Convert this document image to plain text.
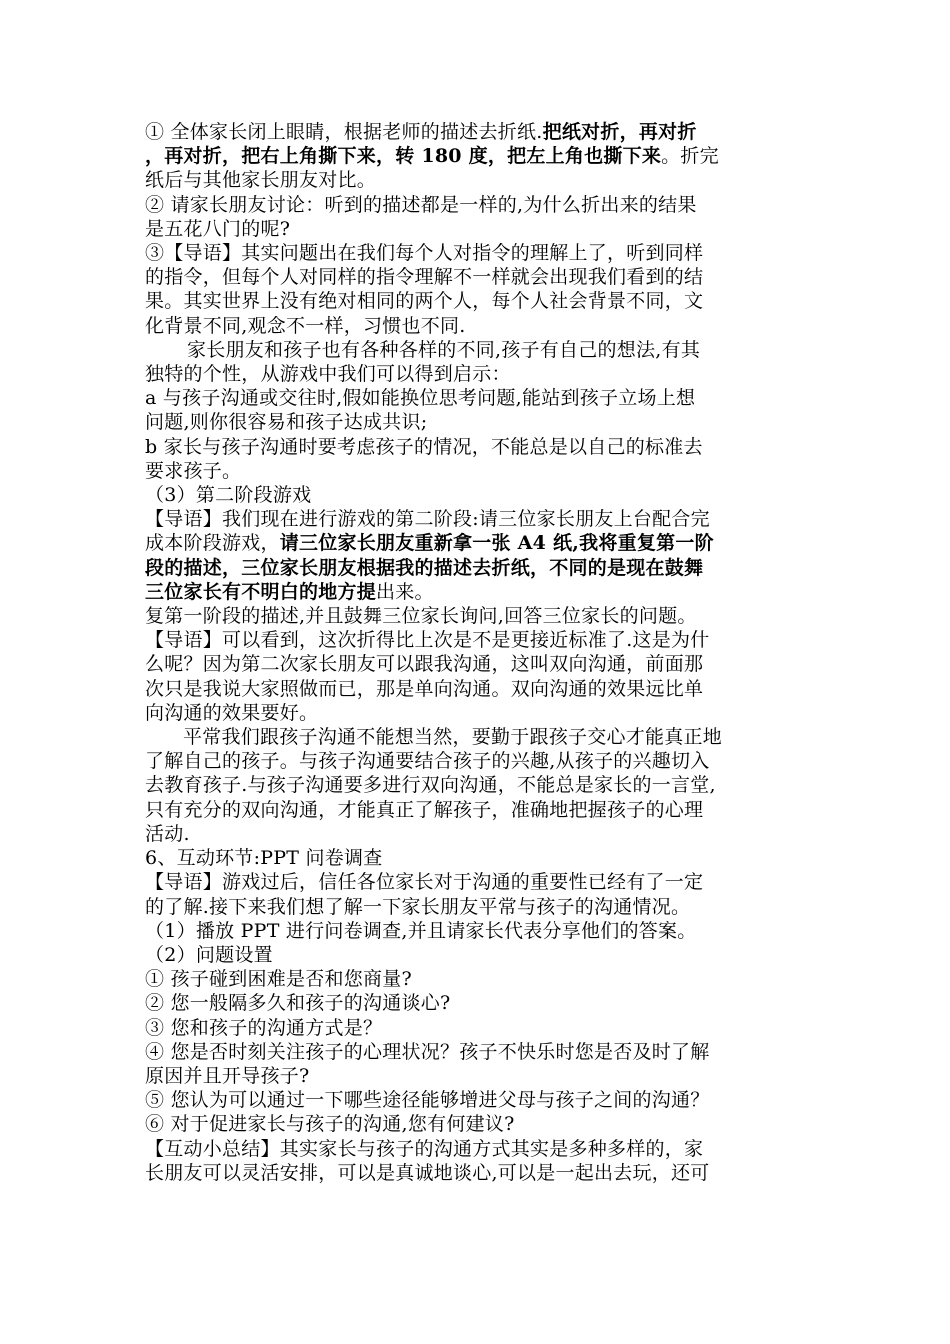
① 全体家长闭上眼睛，根据老师的描述去折纸.把纸对折，再对折
，再对折，把右上角撕下来，转 180 度，把左上角也撕下来。折完
纸后与其他家长朋友对比。
② 请家长朋友讨论：听到的描述都是一样的,为什么折出来的结果
是五花八门的呢?
③【导语】其实问题出在我们每个人对指令的理解上了，听到同样
的指令，但每个人对同样的指令理解不一样就会出现我们看到的结
果。其实世界上没有绝对相同的两个人，每个人社会背景不同，文
化背景不同,观念不一样，习惯也不同.
家长朋友和孩子也有各种各样的不同,孩子有自己的想法,有其
独特的个性，从游戏中我们可以得到启示：
a 与孩子沟通或交往时,假如能换位思考问题,能站到孩子立场上想
问题,则你很容易和孩子达成共识;
b 家长与孩子沟通时要考虑孩子的情况，不能总是以自己的标准去
要求孩子。
（3）第二阶段游戏
【导语】我们现在进行游戏的第二阶段:请三位家长朋友上台配合完
成本阶段游戏，请三位家长朋友重新拿一张 A4 纸,我将重复第一阶
段的描述，三位家长朋友根据我的描述去折纸，不同的是现在鼓舞
三位家长有不明白的地方提出来。
复第一阶段的描述,并且鼓舞三位家长询问,回答三位家长的问题。
【导语】可以看到，这次折得比上次是不是更接近标准了.这是为什
么呢？因为第二次家长朋友可以跟我沟通，这叫双向沟通，前面那
次只是我说大家照做而已，那是单向沟通。双向沟通的效果远比单
向沟通的效果要好。
平常我们跟孩子沟通不能想当然，要勤于跟孩子交心才能真正地
了解自己的孩子。与孩子沟通要结合孩子的兴趣,从孩子的兴趣切入
去教育孩子.与孩子沟通要多进行双向沟通，不能总是家长的一言堂,
只有充分的双向沟通，才能真正了解孩子，准确地把握孩子的心理
活动.
6、互动环节:PPT 问卷调查
【导语】游戏过后，信任各位家长对于沟通的重要性已经有了一定
的了解.接下来我们想了解一下家长朋友平常与孩子的沟通情况。
（1）播放 PPT 进行问卷调查,并且请家长代表分享他们的答案。
（2）问题设置
① 孩子碰到困难是否和您商量?
② 您一般隔多久和孩子的沟通谈心?
③ 您和孩子的沟通方式是？
④ 您是否时刻关注孩子的心理状况？孩子不快乐时您是否及时了解
原因并且开导孩子?
⑤ 您认为可以通过一下哪些途径能够增进父母与孩子之间的沟通？
⑥ 对于促进家长与孩子的沟通,您有何建议?
【互动小总结】其实家长与孩子的沟通方式其实是多种多样的，家
长朋友可以灵活安排，可以是真诚地谈心,可以是一起出去玩，还可
